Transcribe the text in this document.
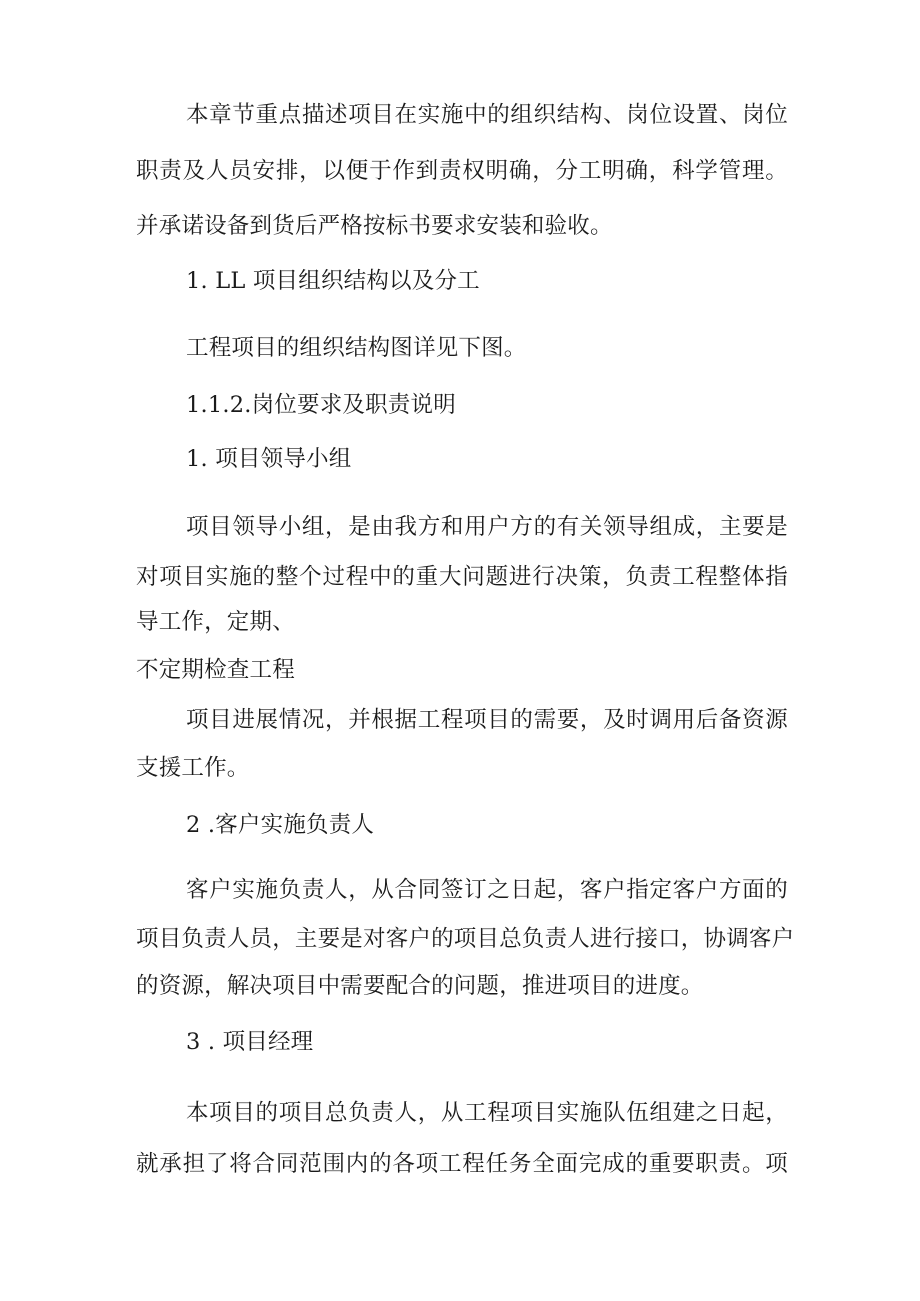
本章节重点描述项目在实施中的组织结构、岗位设置、岗位
职责及人员安排，以便于作到责权明确，分工明确，科学管理。
并承诺设备到货后严格按标书要求安装和验收。
1. LL 项目组织结构以及分工
工程项目的组织结构图详见下图。
1.1.2.岗位要求及职责说明
1. 项目领导小组
项目领导小组，是由我方和用户方的有关领导组成，主要是
对项目实施的整个过程中的重大问题进行决策，负责工程整体指
导工作，定期、
不定期检查工程
项目进展情况，并根据工程项目的需要，及时调用后备资源
支援工作。
2 .客户实施负责人
客户实施负责人，从合同签订之日起，客户指定客户方面的
项目负责人员，主要是对客户的项目总负责人进行接口，协调客户
的资源，解决项目中需要配合的问题，推进项目的进度。
3 . 项目经理
本项目的项目总负责人，从工程项目实施队伍组建之日起，
就承担了将合同范围内的各项工程任务全面完成的重要职责。项
